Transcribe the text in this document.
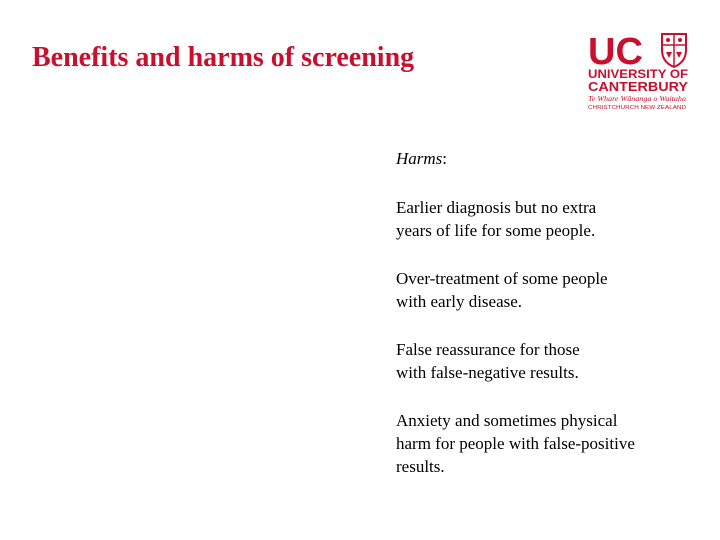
Benefits and harms of screening	UC
UNIVERSITY OF
CANTERBURY
Te Whare Wānanga o Waitaha
CHRISTCHURCH NEW ZEALAND
Harms:
Earlier diagnosis but no extra
years of life for some people.
Over-treatment of some people
with early disease.
False reassurance for those
with false-negative results.
Anxiety and sometimes physical
harm for people with false-positive
results.
